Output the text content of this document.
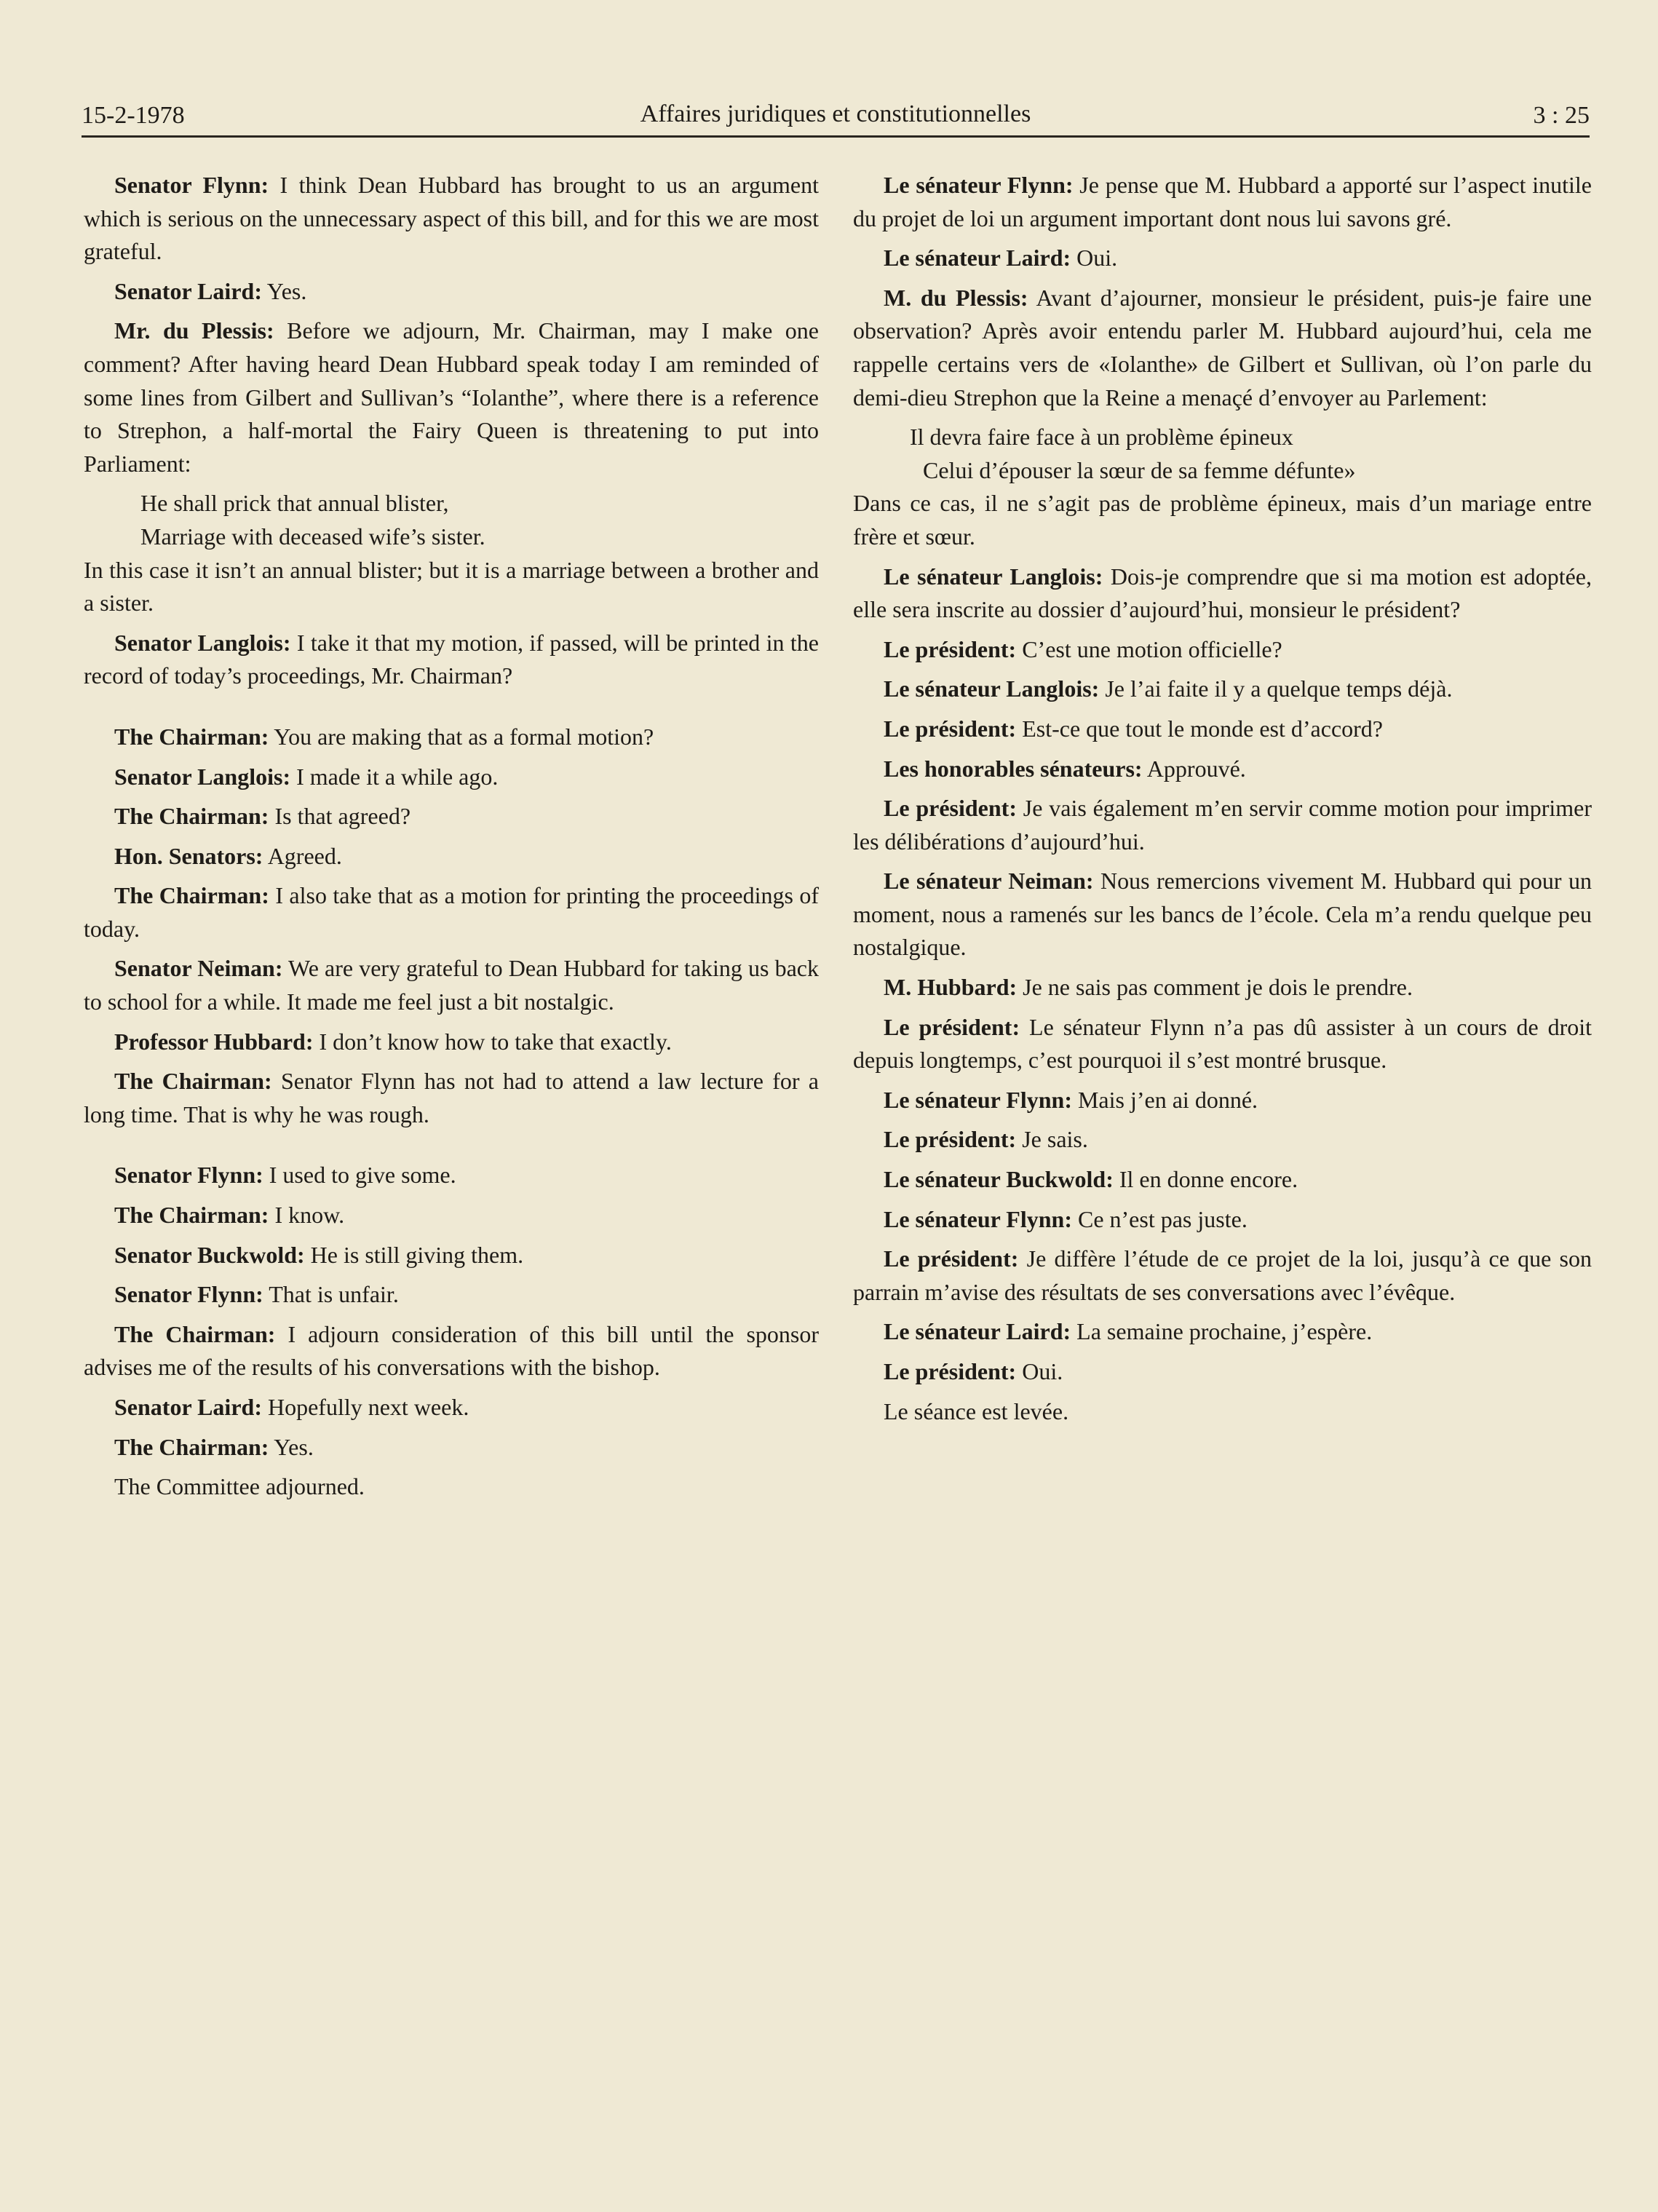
15-2-1978	Affaires juridiques et constitutionnelles	3 : 25

Senator Flynn: I think Dean Hubbard has brought to us an argument which is serious on the unnecessary aspect of this bill, and for this we are most grateful.

Senator Laird: Yes.

Mr. du Plessis: Before we adjourn, Mr. Chairman, may I make one comment? After having heard Dean Hubbard speak today I am reminded of some lines from Gilbert and Sullivan’s “Iolanthe”, where there is a reference to Strephon, a half-mortal the Fairy Queen is threatening to put into Parliament:

He shall prick that annual blister,
Marriage with deceased wife’s sister.

In this case it isn’t an annual blister; but it is a marriage between a brother and a sister.

Senator Langlois: I take it that my motion, if passed, will be printed in the record of today’s proceedings, Mr. Chairman?

The Chairman: You are making that as a formal motion?

Senator Langlois: I made it a while ago.

The Chairman: Is that agreed?

Hon. Senators: Agreed.

The Chairman: I also take that as a motion for printing the proceedings of today.

Senator Neiman: We are very grateful to Dean Hubbard for taking us back to school for a while. It made me feel just a bit nostalgic.

Professor Hubbard: I don’t know how to take that exactly.

The Chairman: Senator Flynn has not had to attend a law lecture for a long time. That is why he was rough.

Senator Flynn: I used to give some.

The Chairman: I know.

Senator Buckwold: He is still giving them.

Senator Flynn: That is unfair.

The Chairman: I adjourn consideration of this bill until the sponsor advises me of the results of his conversations with the bishop.

Senator Laird: Hopefully next week.

The Chairman: Yes.

The Committee adjourned.

Le sénateur Flynn: Je pense que M. Hubbard a apporté sur l’aspect inutile du projet de loi un argument important dont nous lui savons gré.

Le sénateur Laird: Oui.

M. du Plessis: Avant d’ajourner, monsieur le président, puis-je faire une observation? Après avoir entendu parler M. Hubbard aujourd’hui, cela me rappelle certains vers de «Iolanthe» de Gilbert et Sullivan, où l’on parle du demi-dieu Strephon que la Reine a menaçé d’envoyer au Parlement:

Il devra faire face à un problème épineux
Celui d’épouser la sœur de sa femme défunte»

Dans ce cas, il ne s’agit pas de problème épineux, mais d’un mariage entre frère et sœur.

Le sénateur Langlois: Dois-je comprendre que si ma motion est adoptée, elle sera inscrite au dossier d’aujourd’hui, monsieur le président?

Le président: C’est une motion officielle?

Le sénateur Langlois: Je l’ai faite il y a quelque temps déjà.

Le président: Est-ce que tout le monde est d’accord?

Les honorables sénateurs: Approuvé.

Le président: Je vais également m’en servir comme motion pour imprimer les délibérations d’aujourd’hui.

Le sénateur Neiman: Nous remercions vivement M. Hubbard qui pour un moment, nous a ramenés sur les bancs de l’école. Cela m’a rendu quelque peu nostalgique.

M. Hubbard: Je ne sais pas comment je dois le prendre.

Le président: Le sénateur Flynn n’a pas dû assister à un cours de droit depuis longtemps, c’est pourquoi il s’est montré brusque.

Le sénateur Flynn: Mais j’en ai donné.

Le président: Je sais.

Le sénateur Buckwold: Il en donne encore.

Le sénateur Flynn: Ce n’est pas juste.

Le président: Je diffère l’étude de ce projet de la loi, jusqu’à ce que son parrain m’avise des résultats de ses conversations avec l’évêque.

Le sénateur Laird: La semaine prochaine, j’espère.

Le président: Oui.

Le séance est levée.
